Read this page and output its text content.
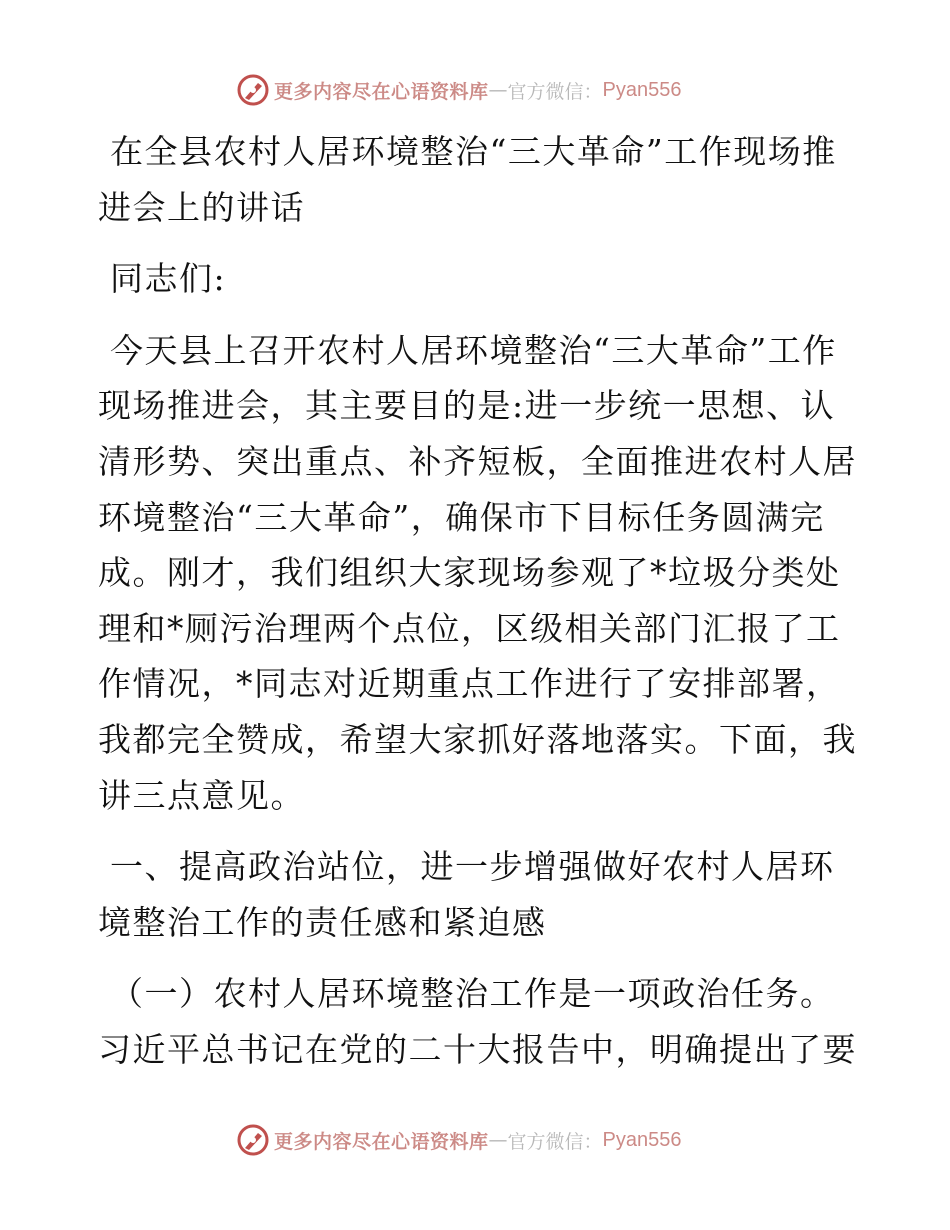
更多内容尽在心语资料库 — 官方微信： Pyan556

在全县农村人居环境整治“三大革命”工作现场推进会上的讲话

同志们:

今天县上召开农村人居环境整治“三大革命”工作现场推进会，其主要目的是:进一步统一思想、认清形势、突出重点、补齐短板，全面推进农村人居环境整治“三大革命”，确保市下目标任务圆满完成。刚才，我们组织大家现场参观了*垃圾分类处理和*厕污治理两个点位，区级相关部门汇报了工作情况，*同志对近期重点工作进行了安排部署，我都完全赞成，希望大家抓好落地落实。下面，我讲三点意见。

一、提高政治站位，进一步增强做好农村人居环境整治工作的责任感和紧迫感

（一）农村人居环境整治工作是一项政治任务。习近平总书记在党的二十大报告中，明确提出了要

更多内容尽在心语资料库 — 官方微信： Pyan556
